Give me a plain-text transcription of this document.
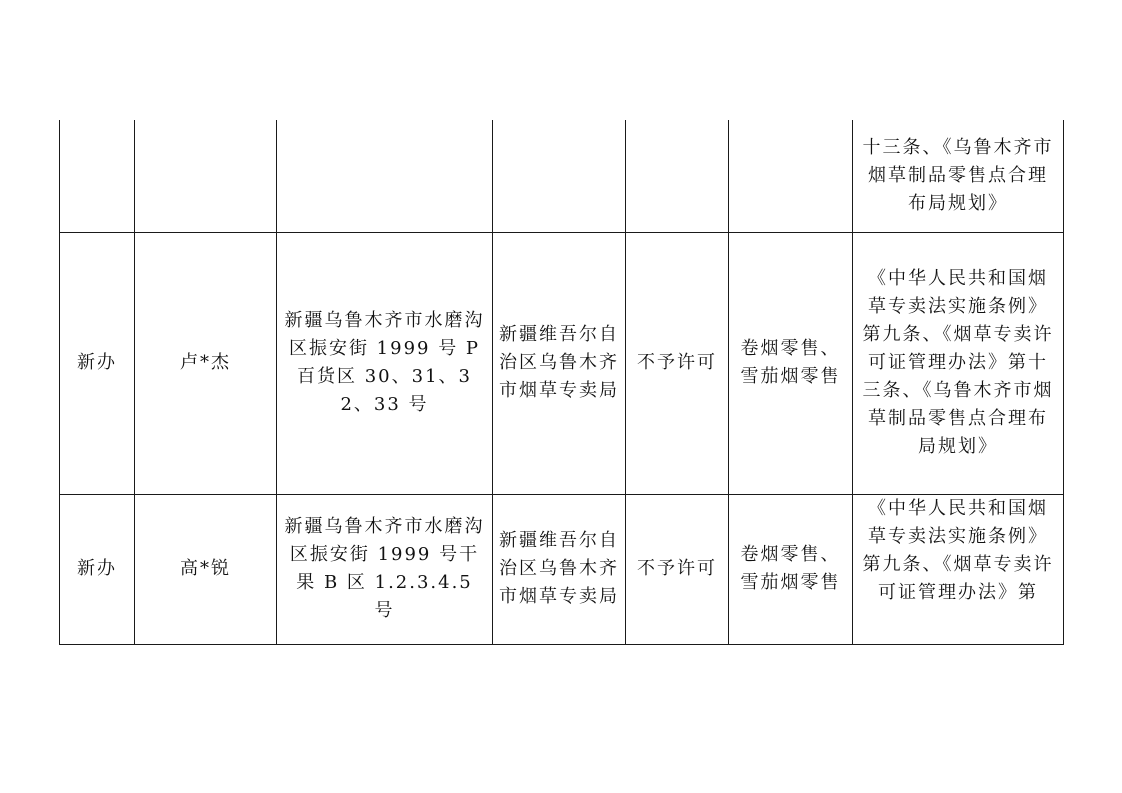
						十三条、《乌鲁木齐市烟草制品零售点合理布局规划》
新办	卢*杰	新疆乌鲁木齐市水磨沟区振安街 1999 号 P 百货区 30、31、32、33 号	新疆维吾尔自治区乌鲁木齐市烟草专卖局	不予许可	卷烟零售、雪茄烟零售	《中华人民共和国烟草专卖法实施条例》第九条、《烟草专卖许可证管理办法》第十三条、《乌鲁木齐市烟草制品零售点合理布局规划》
新办	高*锐	新疆乌鲁木齐市水磨沟区振安街 1999 号干果 B 区 1.2.3.4.5 号	新疆维吾尔自治区乌鲁木齐市烟草专卖局	不予许可	卷烟零售、雪茄烟零售	《中华人民共和国烟草专卖法实施条例》第九条、《烟草专卖许可证管理办法》第
